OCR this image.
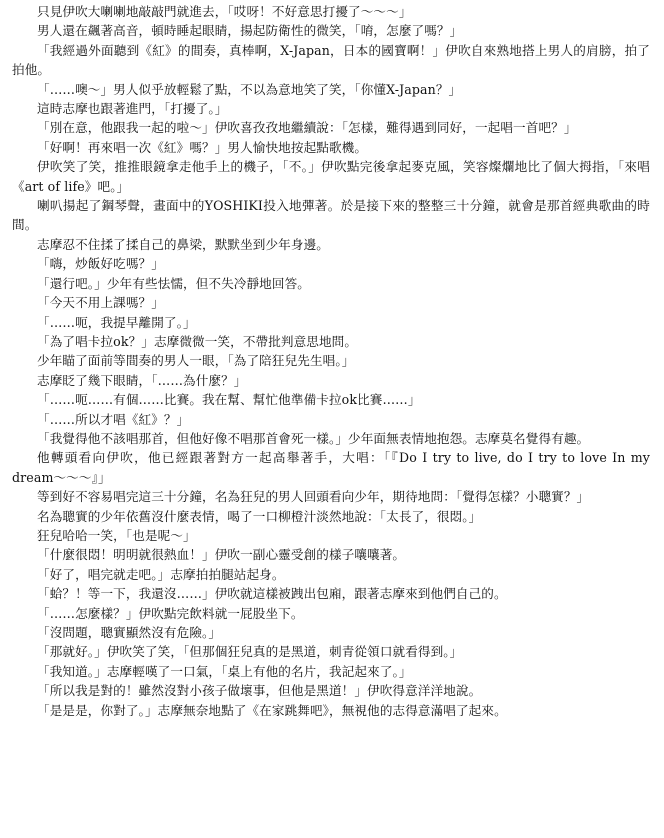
只見伊吹大喇喇地敲敲門就進去，「哎呀！不好意思打擾了～～～」

男人還在飆著高音，頓時睡起眼睛，揚起防衛性的微笑，「唷，怎麼了嗎？」

「我經過外面聽到《紅》的間奏，真棒啊，X-Japan，日本的國寶啊！」伊吹自來熟地搭上男人的肩膀，拍了拍他。

「……噢～」男人似乎放輕鬆了點，不以為意地笑了笑，「你懂X-Japan？」

這時志摩也跟著進門，「打擾了。」

「別在意，他跟我一起的啦～」伊吹喜孜孜地繼續說：「怎樣，難得遇到同好，一起唱一首吧？」

「好啊！再來唱一次《紅》嗎？」男人愉快地按起點歌機。

伊吹笑了笑，推推眼鏡拿走他手上的機子，「不。」伊吹點完後拿起麥克風，笑容燦爛地比了個大拇指，「來唱《art of life》吧。」

喇叭揚起了鋼琴聲，畫面中的YOSHIKI投入地彈著。於是接下來的整整三十分鐘，就會是那首經典歌曲的時間。

志摩忍不住揉了揉自己的鼻梁，默默坐到少年身邊。

「嗨，炒飯好吃嗎？」

「還行吧。」少年有些怯懦，但不失冷靜地回答。

「今天不用上課嗎？」

「……呃，我提早離開了。」

「為了唱卡拉ok？」志摩微微一笑，不帶批判意思地問。

少年瞄了面前等間奏的男人一眼，「為了陪狂兒先生唱。」

志摩眨了幾下眼睛，「……為什麼？」

「……呃……有個……比賽。我在幫、幫忙他準備卡拉ok比賽……」

「……所以才唱《紅》？」

「我覺得他不該唱那首，但他好像不唱那首會死一樣。」少年面無表情地抱怨。志摩莫名覺得有趣。

他轉頭看向伊吹，他已經跟著對方一起高舉著手，大唱：「『Do I try to live, do I try to love In my dream～～～』」

等到好不容易唱完這三十分鐘，名為狂兒的男人回頭看向少年，期待地問：「覺得怎樣？小聰實？」

名為聰實的少年依舊沒什麼表情，喝了一口柳橙汁淡然地說：「太長了，很悶。」

狂兒哈哈一笑，「也是呢～」

「什麼很悶！明明就很熱血！」伊吹一副心靈受創的樣子嚷嚷著。

「好了，唱完就走吧。」志摩拍拍腿站起身。

「蛤？！等一下，我還沒……」伊吹就這樣被跩出包廂，跟著志摩來到他們自己的。

「……怎麼樣？」伊吹點完飲料就一屁股坐下。

「沒問題，聰實顯然沒有危險。」

「那就好。」伊吹笑了笑，「但那個狂兒真的是黑道，刺青從領口就看得到。」

「我知道。」志摩輕嘆了一口氣，「桌上有他的名片，我記起來了。」

「所以我是對的！雖然沒對小孩子做壞事，但他是黑道！」伊吹得意洋洋地說。

「是是是，你對了。」志摩無奈地點了《在家跳舞吧》，無視他的志得意滿唱了起來。
